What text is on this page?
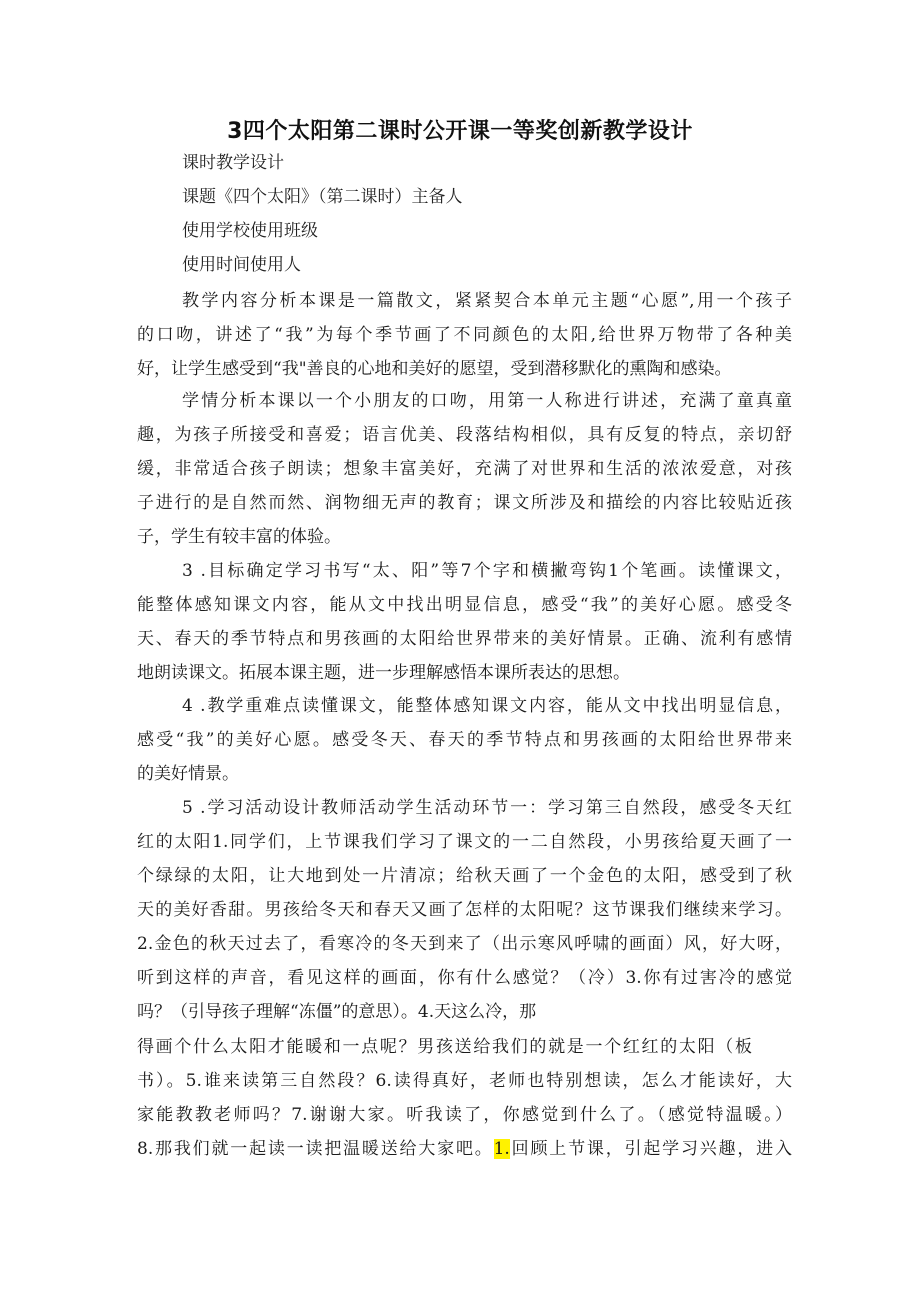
3四个太阳第二课时公开课一等奖创新教学设计
课时教学设计
课题《四个太阳》（第二课时）主备人
使用学校使用班级
使用时间使用人
教学内容分析本课是一篇散文，紧紧契合本单元主题“心愿”,用一个孩子
的口吻，讲述了“我”为每个季节画了不同颜色的太阳,给世界万物带了各种美
好，让学生感受到“我"善良的心地和美好的愿望，受到潜移默化的熏陶和感染。
学情分析本课以一个小朋友的口吻，用第一人称进行讲述，充满了童真童
趣，为孩子所接受和喜爱；语言优美、段落结构相似，具有反复的特点，亲切舒
缓，非常适合孩子朗读；想象丰富美好，充满了对世界和生活的浓浓爱意，对孩
子进行的是自然而然、润物细无声的教育；课文所涉及和描绘的内容比较贴近孩
子，学生有较丰富的体验。
3 .目标确定学习书写“太、阳”等7个字和横撇弯钩1个笔画。读懂课文，
能整体感知课文内容，能从文中找出明显信息，感受“我”的美好心愿。感受冬
天、春天的季节特点和男孩画的太阳给世界带来的美好情景。正确、流利有感情
地朗读课文。拓展本课主题，进一步理解感悟本课所表达的思想。
4 .教学重难点读懂课文，能整体感知课文内容，能从文中找出明显信息，
感受“我”的美好心愿。感受冬天、春天的季节特点和男孩画的太阳给世界带来
的美好情景。
5 .学习活动设计教师活动学生活动环节一：学习第三自然段，感受冬天红
红的太阳1.同学们，上节课我们学习了课文的一二自然段，小男孩给夏天画了一
个绿绿的太阳，让大地到处一片清凉；给秋天画了一个金色的太阳，感受到了秋
天的美好香甜。男孩给冬天和春天又画了怎样的太阳呢？这节课我们继续来学习。
2.金色的秋天过去了，看寒冷的冬天到来了（出示寒风呼啸的画面）风，好大呀，
听到这样的声音，看见这样的画面，你有什么感觉？（冷）3.你有过害冷的感觉
吗？（引导孩子理解“冻僵”的意思）。4.天这么冷，那
得画个什么太阳才能暖和一点呢？男孩送给我们的就是一个红红的太阳（板
书）。5.谁来读第三自然段？6.读得真好，老师也特别想读，怎么才能读好，大
家能教教老师吗？7.谢谢大家。听我读了，你感觉到什么了。（感觉特温暖。）
8.那我们就一起读一读把温暖送给大家吧。1.回顾上节课，引起学习兴趣，进入
